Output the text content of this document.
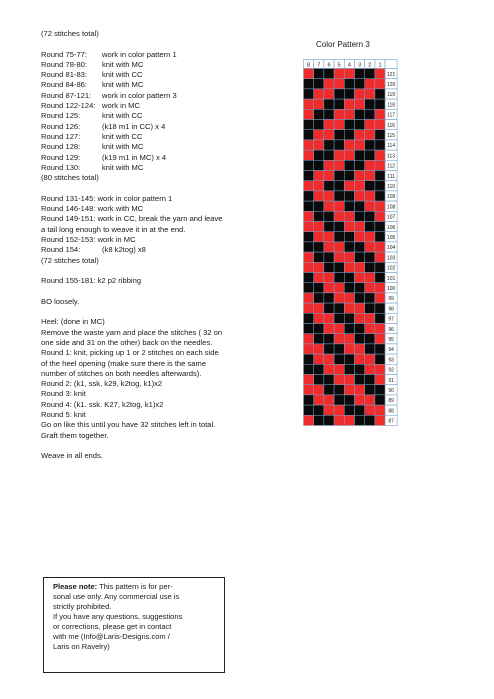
(72 stitches total)
Round 75-77: work in color pattern 1
Round 78-80: knit with MC
Round 81-83: knit with CC
Round 84-86: knit with MC
Round 87-121: work in color pattern 3
Round 122-124: work in MC
Round 125:	knit with CC
Round 126:	(k18 m1 in CC) x 4
Round 127:	knit with CC
Round 128:	knit with MC
Round 129:	(k19 m1 in MC) x 4
Round 130:	knit with MC
(80 stitches total)
Round 131-145: work in color pattern 1
Round 146-148: work with MC
Round 149-151: work in CC, break the yarn and leave
a tail long enough to weave it in at the end.
Round 152-153: work in MC
Round 154:	(k8 k2tog) x8
(72 stitches total)
Round 155-181: k2 p2 ribbing
BO loosely.
Heel: (done in MC)
Remove the waste yarn and place the stitches ( 32 on
one side and 31 on the other) back on the needles.
Round 1: knit, picking up 1 or 2 stitches on each side
of the heel opening (make sure there is the same
number of stitches on both needles afterwards).
Round 2: (k1, ssk, k29, k2tog, k1)x2
Round 3: knit
Round 4: (k1. ssk. K27, k2tog, k1)x2
Round 5: knit
Go on like this until you have 32 stitches left in total.
Graft them together.
Weave in all ends.
Color Pattern 3
8 7 6 5 4 3 2 1
121
120
119
118
117
116
115
114
113
112
111
110
109
108
107
106
105
104
103
102
101
100
99
98
97
96
95
94
93
92
91
90
89
88
87
Please note: This pattern is for per-
sonal use only. Any commercial use is
strictly prohibited.
If you have any questions, suggestions
or corrections, please get in contact
with me (Info@Laris-Designs.com /
Laris on Ravelry)
